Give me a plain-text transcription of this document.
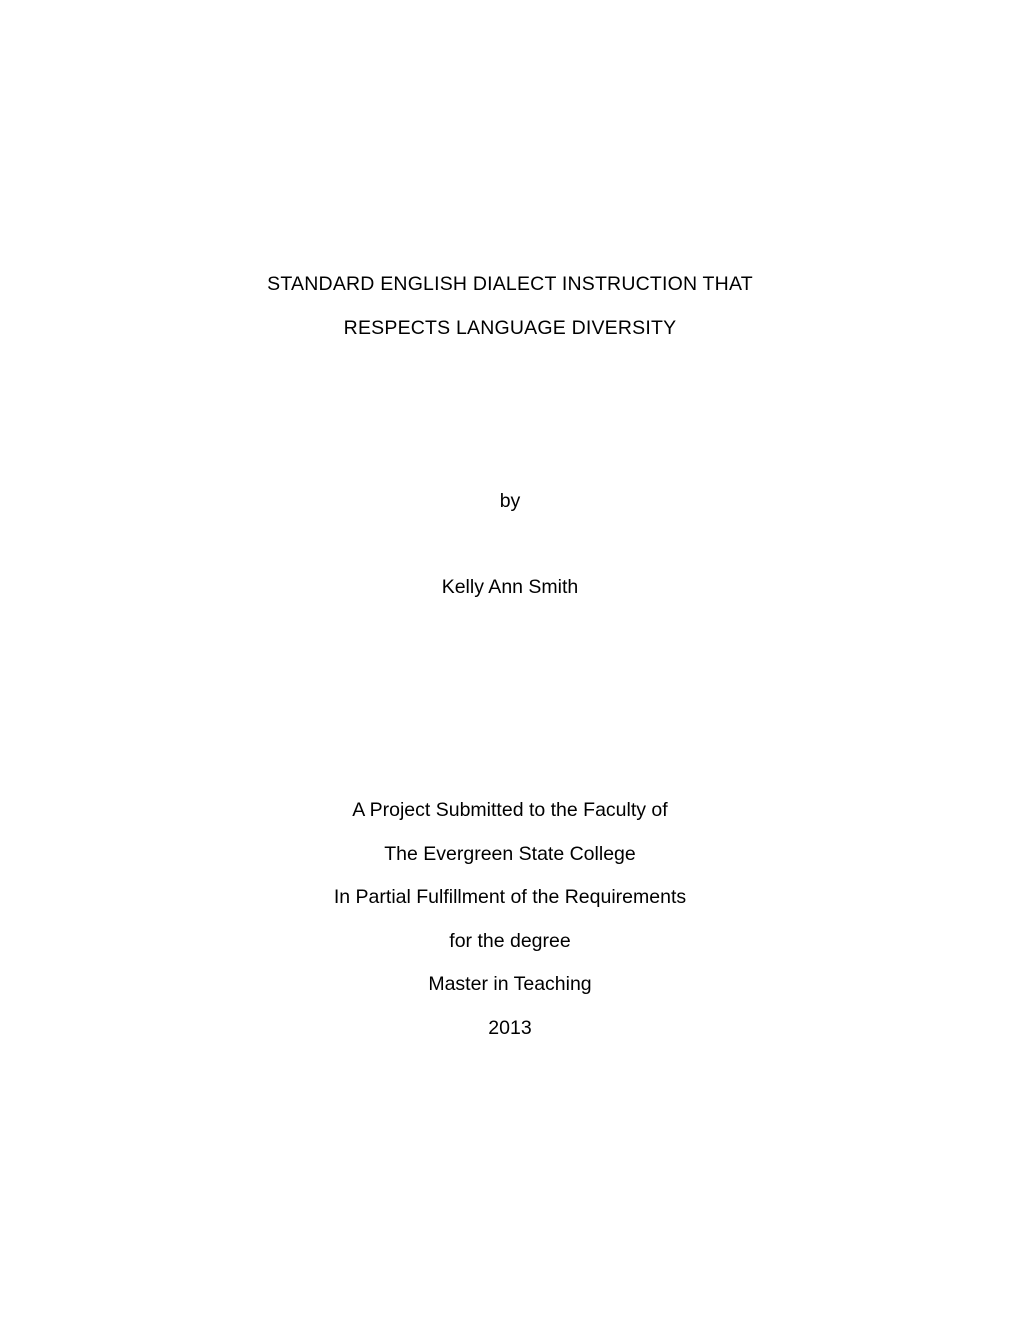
STANDARD ENGLISH DIALECT INSTRUCTION THAT
RESPECTS LANGUAGE DIVERSITY
by
Kelly Ann Smith
A Project Submitted to the Faculty of
The Evergreen State College
In Partial Fulfillment of the Requirements
for the degree
Master in Teaching
2013
